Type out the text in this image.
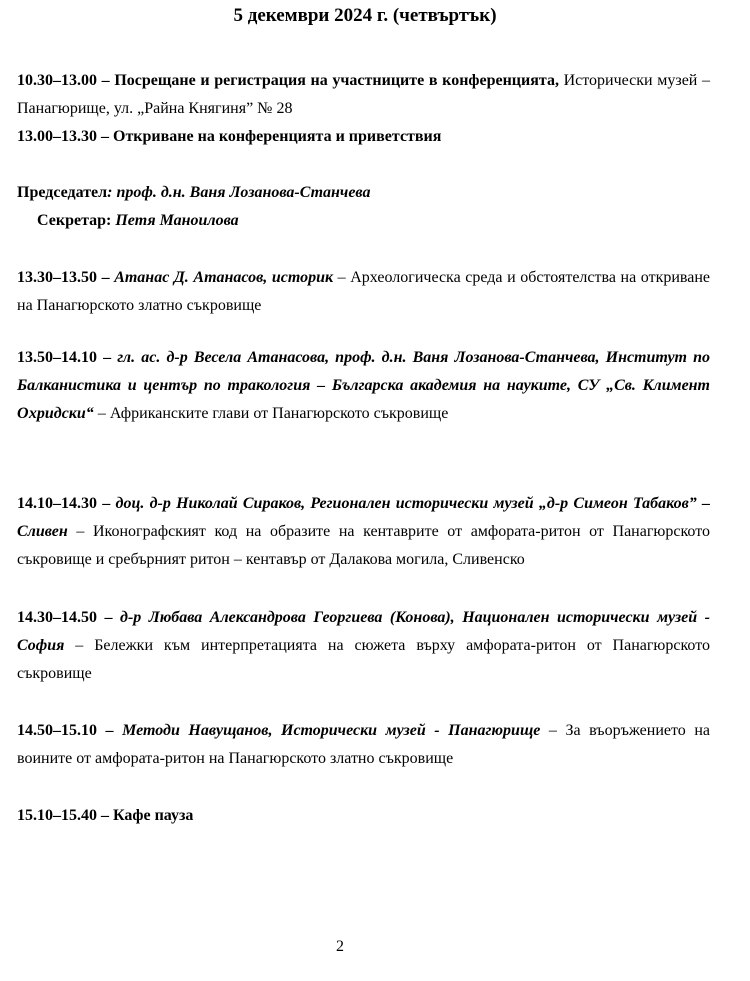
5 декември 2024 г. (четвъртък)
10.30–13.00 – Посрещане и регистрация на участниците в конференцията, Исторически музей – Панагюрище, ул. „Райна Княгиня” № 28
13.00–13.30 – Откриване на конференцията и приветствия
Председател: проф. д.н. Ваня Лозанова-Станчева
Секретар: Петя Маноилова
13.30–13.50 – Атанас Д. Атанасов, историк – Археологическа среда и обстоятелства на откриване на Панагюрското златно съкровище
13.50–14.10 – гл. ас. д-р Весела Атанасова, проф. д.н. Ваня Лозанова-Станчева, Институт по Балканистика и център по тракология – Българска академия на науките, СУ „Св. Климент Охридски“ – Африканските глави от Панагюрското съкровище
14.10–14.30 – доц. д-р Николай Сираков, Регионален исторически музей „д-р Симеон Табаков” – Сливен – Иконографският код на образите на кентаврите от амфората-ритон от Панагюрското съкровище и сребърният ритон – кентавър от Далакова могила, Сливенско
14.30–14.50 – д-р Любава Александрова Георгиева (Конова), Национален исторически музей - София – Бележки към интерпретацията на сюжета върху амфората-ритон от Панагюрското съкровище
14.50–15.10 – Методи Навущанов, Исторически музей - Панагюрище – За въоръжението на воините от амфората-ритон на Панагюрското златно съкровище
15.10–15.40 – Кафе пауза
2
